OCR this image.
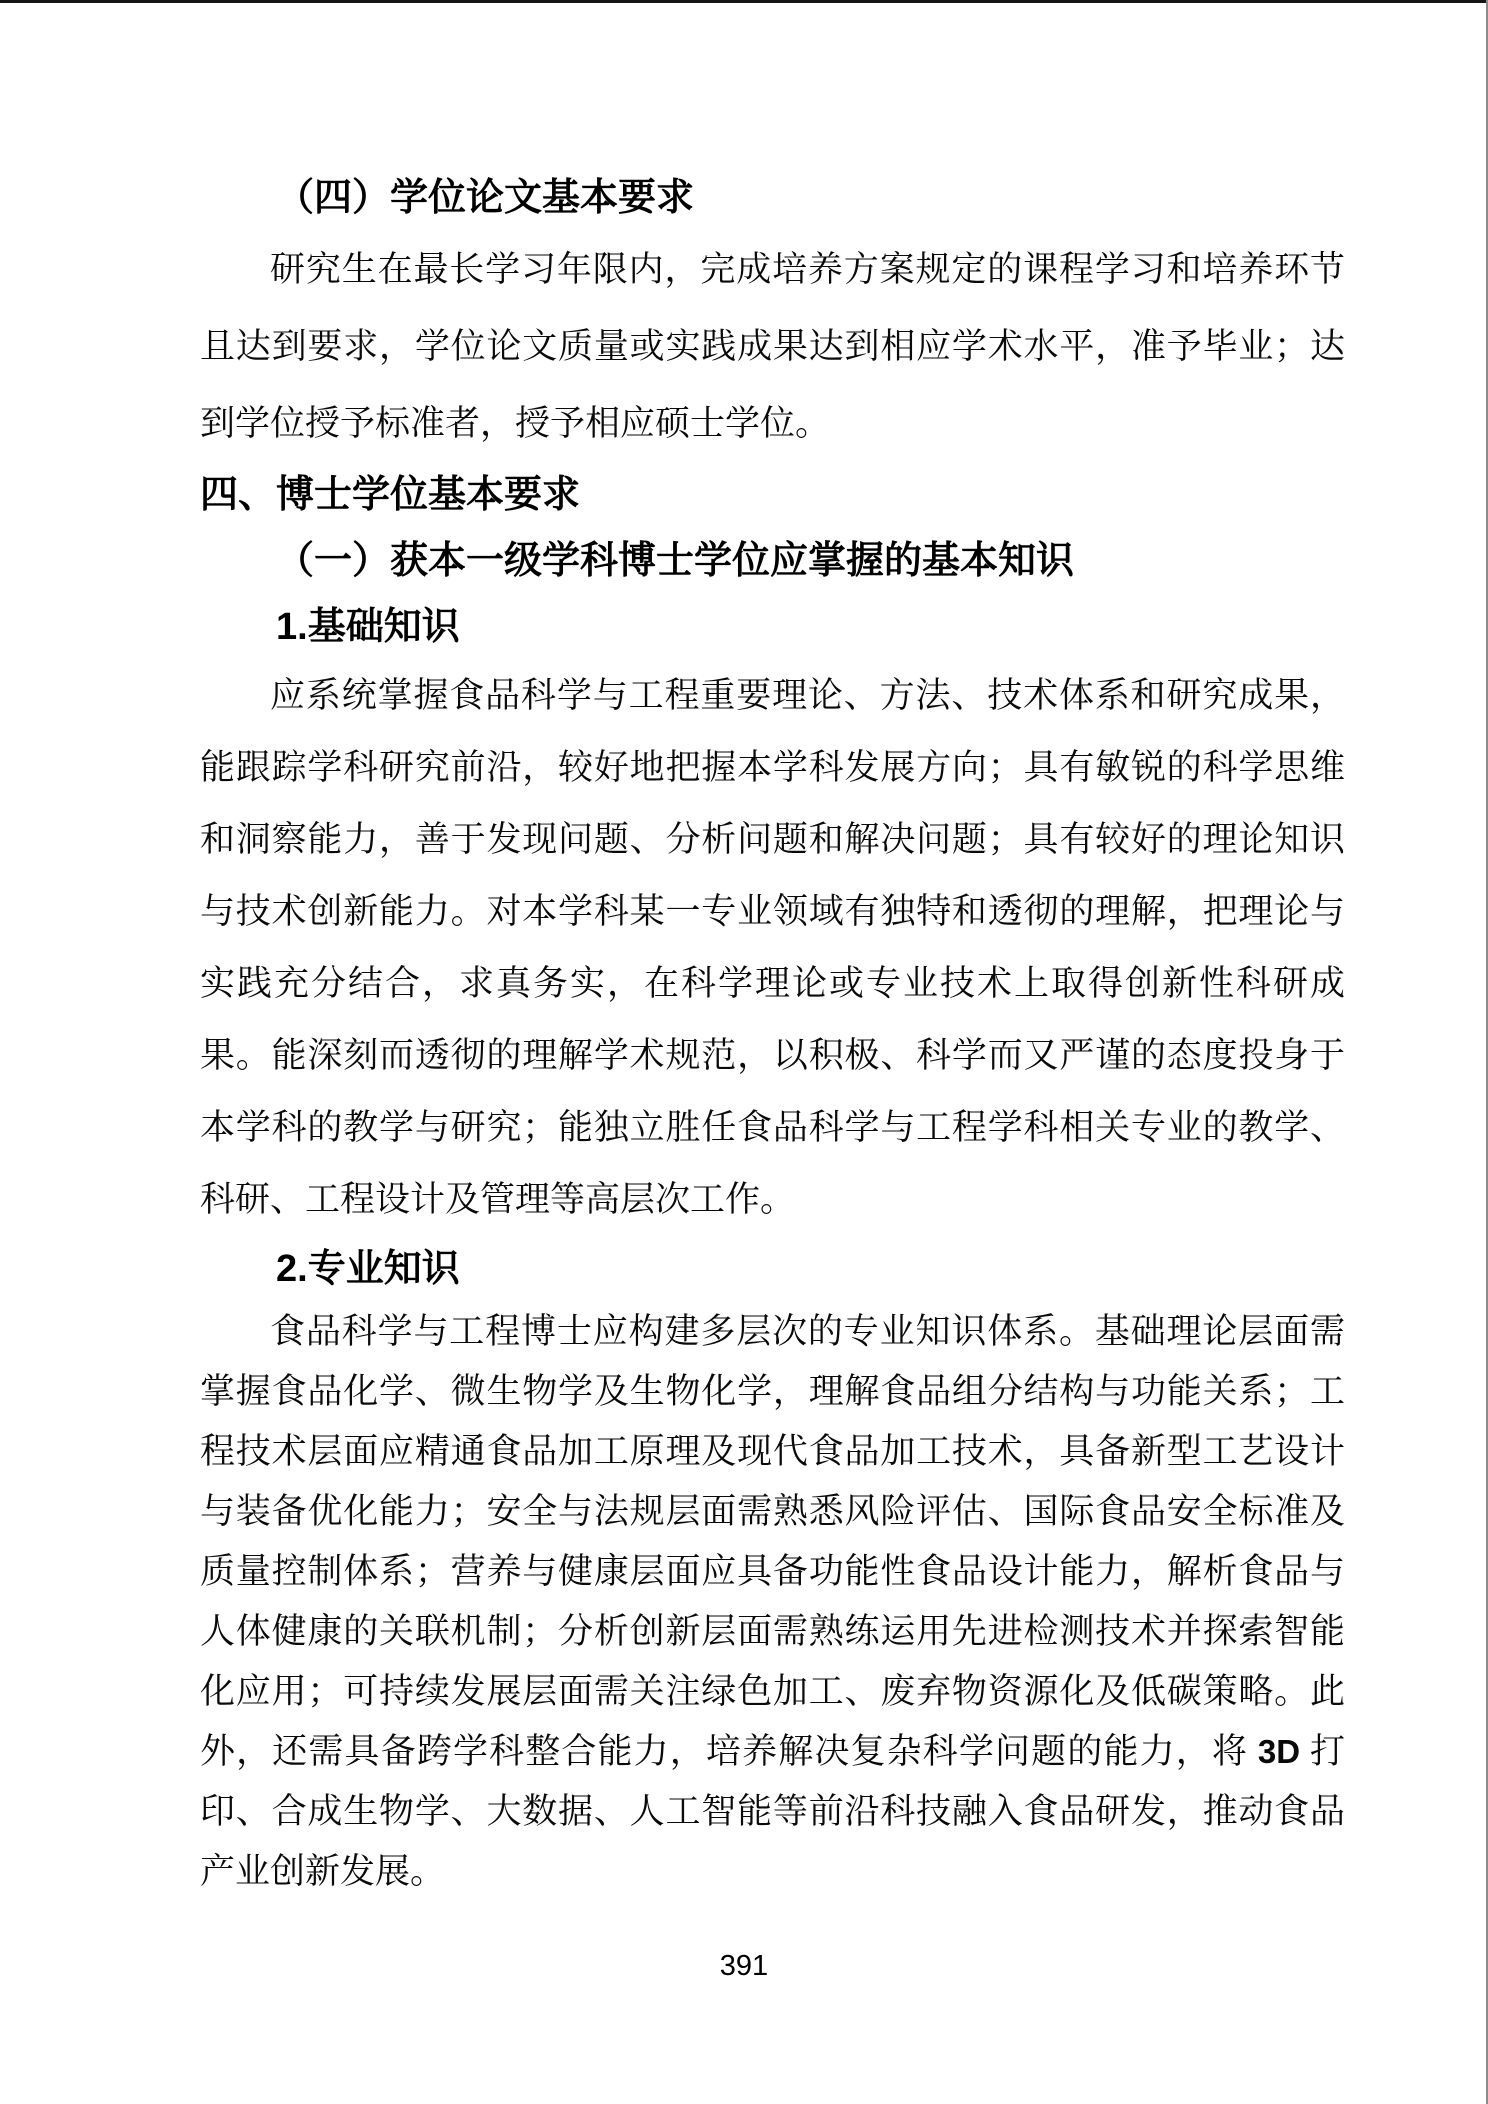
（四）学位论文基本要求

研究生在最长学习年限内，完成培养方案规定的课程学习和培养环节且达到要求，学位论文质量或实践成果达到相应学术水平，准予毕业；达到学位授予标准者，授予相应硕士学位。

四、博士学位基本要求
（一）获本一级学科博士学位应掌握的基本知识
1.基础知识

应系统掌握食品科学与工程重要理论、方法、技术体系和研究成果，能跟踪学科研究前沿，较好地把握本学科发展方向；具有敏锐的科学思维和洞察能力，善于发现问题、分析问题和解决问题；具有较好的理论知识与技术创新能力。对本学科某一专业领域有独特和透彻的理解，把理论与实践充分结合，求真务实，在科学理论或专业技术上取得创新性科研成果。能深刻而透彻的理解学术规范，以积极、科学而又严谨的态度投身于本学科的教学与研究；能独立胜任食品科学与工程学科相关专业的教学、科研、工程设计及管理等高层次工作。

2.专业知识

食品科学与工程博士应构建多层次的专业知识体系。基础理论层面需掌握食品化学、微生物学及生物化学，理解食品组分结构与功能关系；工程技术层面应精通食品加工原理及现代食品加工技术，具备新型工艺设计与装备优化能力；安全与法规层面需熟悉风险评估、国际食品安全标准及质量控制体系；营养与健康层面应具备功能性食品设计能力，解析食品与人体健康的关联机制；分析创新层面需熟练运用先进检测技术并探索智能化应用；可持续发展层面需关注绿色加工、废弃物资源化及低碳策略。此外，还需具备跨学科整合能力，培养解决复杂科学问题的能力，将 3D 打印、合成生物学、大数据、人工智能等前沿科技融入食品研发，推动食品产业创新发展。

391
